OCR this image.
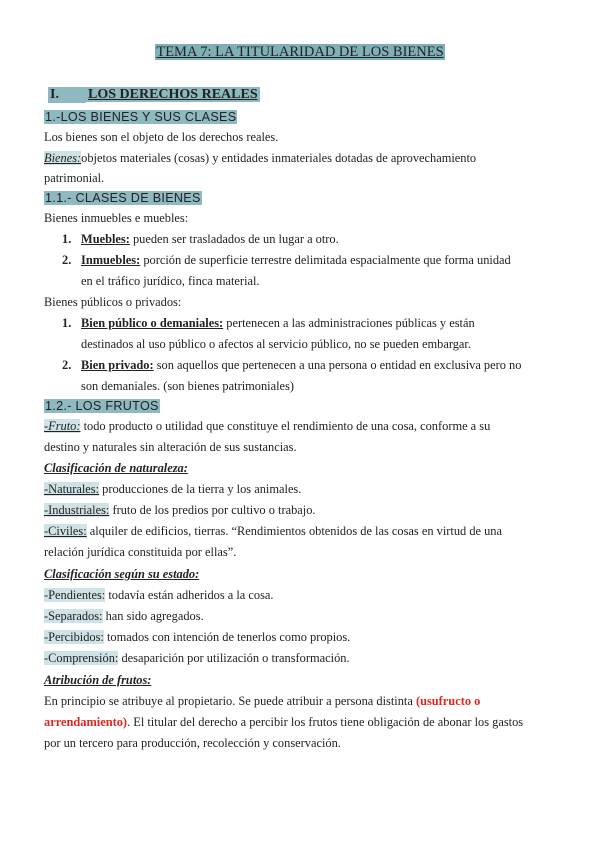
TEMA 7: LA TITULARIDAD DE LOS BIENES
I. LOS DERECHOS REALES
1.-LOS BIENES Y SUS CLASES
Los bienes son el objeto de los derechos reales.
Bienes:objetos materiales (cosas) y entidades inmateriales dotadas de aprovechamiento
patrimonial.
1.1.- CLASES DE BIENES
Bienes inmuebles e muebles:
1. Muebles: pueden ser trasladados de un lugar a otro.
2. Inmuebles: porción de superficie terrestre delimitada espacialmente que forma unidad
en el tráfico jurídico, finca material.
Bienes públicos o privados:
1. Bien público o demaniales: pertenecen a las administraciones públicas y están
destinados al uso público o afectos al servicio público, no se pueden embargar.
2. Bien privado: son aquellos que pertenecen a una persona o entidad en exclusiva pero no
son demaniales. (son bienes patrimoniales)
1.2.- LOS FRUTOS
-Fruto: todo producto o utilidad que constituye el rendimiento de una cosa, conforme a su
destino y naturales sin alteración de sus sustancias.
Clasificación de naturaleza:
-Naturales: producciones de la tierra y los animales.
-Industriales: fruto de los predios por cultivo o trabajo.
-Civiles: alquiler de edificios, tierras. “Rendimientos obtenidos de las cosas en virtud de una
relación jurídica constituida por ellas”.
Clasificación según su estado:
-Pendientes: todavía están adheridos a la cosa.
-Separados: han sido agregados.
-Percibidos: tomados con intención de tenerlos como propios.
-Comprensión: desaparición por utilización o transformación.
Atribución de frutos:
En principio se atribuye al propietario. Se puede atribuir a persona distinta (usufructo o
arrendamiento). El titular del derecho a percibir los frutos tiene obligación de abonar los gastos
por un tercero para producción, recolección y conservación.
